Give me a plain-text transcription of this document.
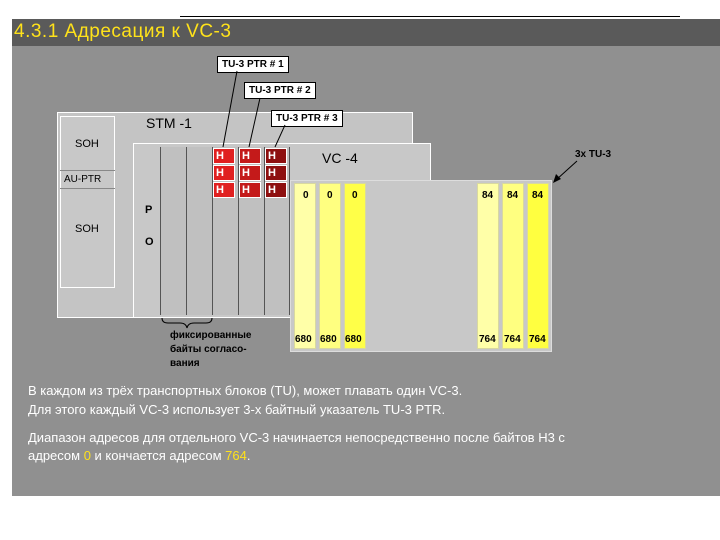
4.3.1 Адресация к VC-3
STM -1
SOH
AU-PTR
SOH
VC -4
P
O
H
H
H
H
H
H
H
H
H	0 0 0	84 84 84
680 680 680	764 764 764
TU-3 PTR # 1
TU-3 PTR # 2
TU-3 PTR # 3
3x TU-3
фиксированные
байты согласо-
вания
В каждом из трёх транспортных блоков (TU), может плавать один VC-3.
Для этого каждый VC-3 использует 3-х байтный указатель TU-3 PTR.
Диапазон адресов для отдельного VC-3 начинается непосредственно после байтов H3 с
адресом 0 и кончается адресом 764.
